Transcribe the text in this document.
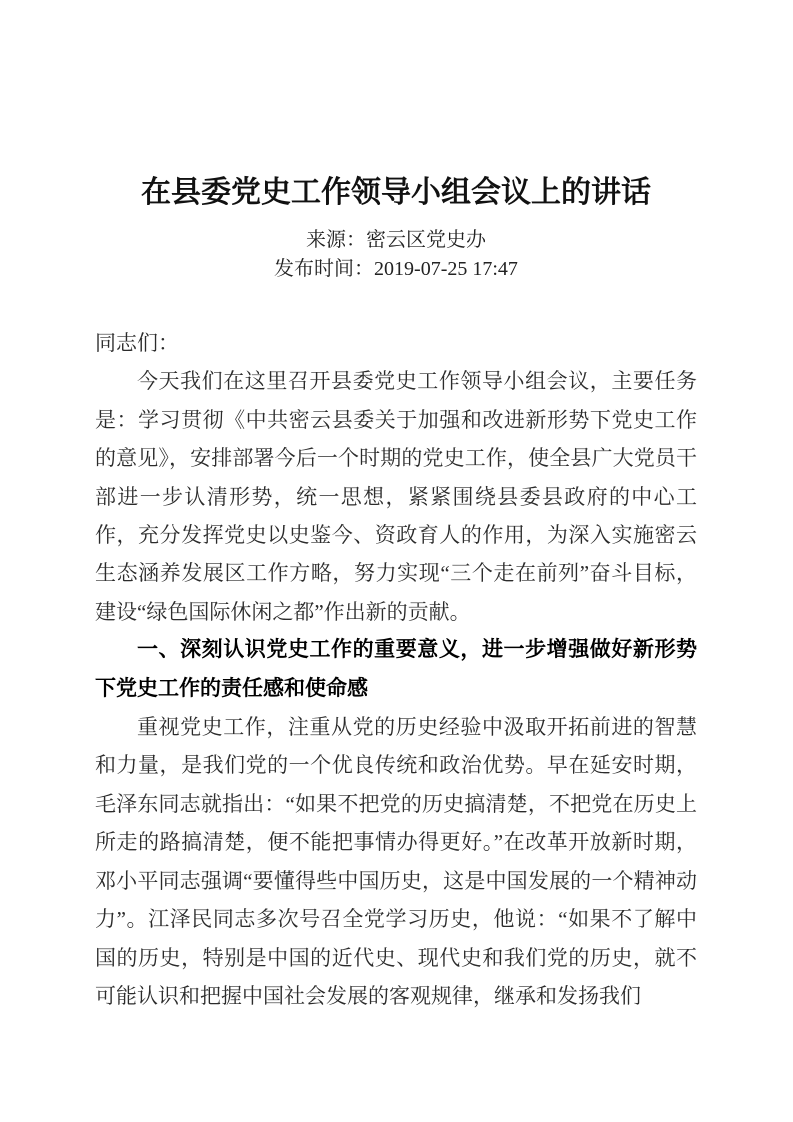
在县委党史工作领导小组会议上的讲话

来源：密云区党史办

发布时间：2019-07-25 17:47

同志们：

今天我们在这里召开县委党史工作领导小组会议，主要任务是：学习贯彻《中共密云县委关于加强和改进新形势下党史工作的意见》，安排部署今后一个时期的党史工作，使全县广大党员干部进一步认清形势，统一思想，紧紧围绕县委县政府的中心工作，充分发挥党史以史鉴今、资政育人的作用，为深入实施密云生态涵养发展区工作方略，努力实现“三个走在前列”奋斗目标，建设“绿色国际休闲之都”作出新的贡献。

一、深刻认识党史工作的重要意义，进一步增强做好新形势下党史工作的责任感和使命感

重视党史工作，注重从党的历史经验中汲取开拓前进的智慧和力量，是我们党的一个优良传统和政治优势。早在延安时期，毛泽东同志就指出：“如果不把党的历史搞清楚，不把党在历史上所走的路搞清楚，便不能把事情办得更好。”在改革开放新时期，邓小平同志强调“要懂得些中国历史，这是中国发展的一个精神动力”。江泽民同志多次号召全党学习历史，他说：“如果不了解中国的历史，特别是中国的近代史、现代史和我们党的历史，就不可能认识和把握中国社会发展的客观规律，继承和发扬我们
